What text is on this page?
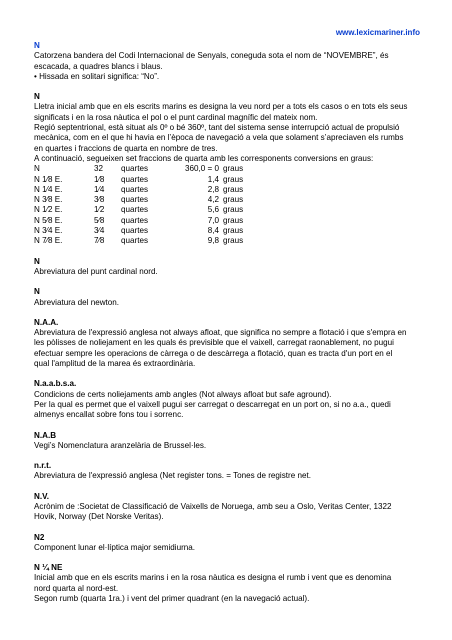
www.lexicmariner.info
N
Catorzena bandera del Codi Internacional de Senyals, coneguda sota el nom de “NOVEMBRE”, és
escacada, a quadres blancs i blaus.
• Hissada en solitari significa: “No”.
N
Lletra inicial amb que en els escrits marins es designa la veu nord per a tots els casos o en tots els seus
significats i en la rosa nàutica el pol o el punt cardinal magnífic del mateix nom.
Regió septentrional, està situat als 0º o bé 360º, tant del sistema sense interrupció actual de propulsió
mecànica, com en el que hi havia en l’època de navegació a vela que solament s’apreciaven els rumbs
en quartes i fraccions de quarta en nombre de tres.
A continuació, segueixen set fraccions de quarta amb les corresponents conversions en graus:
N	32	quartes	360,0 = 0	graus
N 1⁄8 E.	1⁄8	quartes	1,4	graus
N 1⁄4 E.	1⁄4	quartes	2,8	graus
N 3⁄8 E.	3⁄8	quartes	4,2	graus
N 1⁄2 E.	1⁄2	quartes	5,6	graus
N 5⁄8 E.	5⁄8	quartes	7,0	graus
N 3⁄4 E.	3⁄4	quartes	8,4	graus
N 7⁄8 E.	7⁄8	quartes	9,8	graus
N
Abreviatura del punt cardinal nord.
N
Abreviatura del newton.
N.A.A.
Abreviatura de l'expressió anglesa not always afloat, que significa no sempre a flotació i que s'empra en
les pòlisses de noliejament en les quals és previsible que el vaixell, carregat raonablement, no pugui
efectuar sempre les operacions de càrrega o de descàrrega a flotació, quan es tracta d'un port en el
qual l'amplitud de la marea és extraordinària.
N.a.a.b.s.a.
Condicions de certs noliejaments amb angles (Not always afloat but safe aground).
Per la qual es permet que el vaixell pugui ser carregat o descarregat en un port on, si no a.a., quedi
almenys encallat sobre fons tou i sorrenc.
N.A.B
Vegi’s Nomenclatura aranzelària de Brussel·les.
n.r.t.
Abreviatura de l'expressió anglesa (Net register tons. = Tones de registre net.
N.V.
Acrònim de :Societat de Classificació de Vaixells de Noruega, amb seu a Oslo, Veritas Center, 1322
Hovik, Norway (Det Norske Veritas).
N2
Component lunar el·líptica major semidiurna.
N ¼ NE
Inicial amb que en els escrits marins i en la rosa nàutica es designa el rumb i vent que es denomina
nord quarta al nord-est.
Segon rumb (quarta 1ra.) i vent del primer quadrant (en la navegació actual).
